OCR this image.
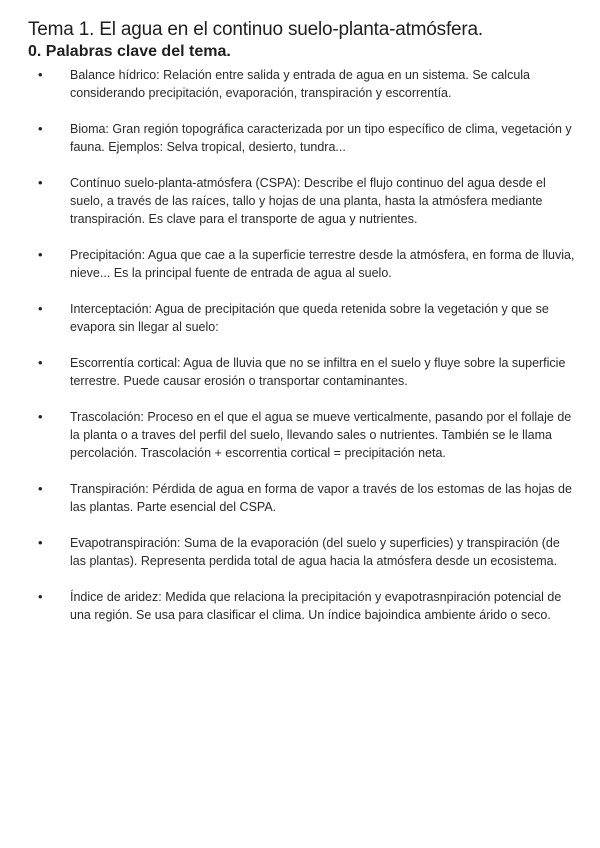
Tema 1. El agua en el continuo suelo-planta-atmósfera.
0. Palabras clave del tema.
• Balance hídrico: Relación entre salida y entrada de agua en un sistema. Se calcula considerando precipitación, evaporación, transpiración y escorrentía.
• Bioma: Gran región topográfica caracterizada por un tipo específico de clima, vegetación y fauna. Ejemplos: Selva tropical, desierto, tundra...
• Contínuo suelo-planta-atmósfera (CSPA): Describe el flujo continuo del agua desde el suelo, a través de las raíces, tallo y hojas de una planta, hasta la atmósfera mediante transpiración. Es clave para el transporte de agua y nutrientes.
• Precipitación: Agua que cae a la superficie terrestre desde la atmósfera, en forma de lluvia, nieve... Es la principal fuente de entrada de agua al suelo.
• Interceptación: Agua de precipitación que queda retenida sobre la vegetación y que se evapora sin llegar al suelo:
• Escorrentía cortical: Agua de lluvia que no se infiltra en el suelo y fluye sobre la superficie terrestre. Puede causar erosión o transportar contaminantes.
• Trascolación: Proceso en el que el agua se mueve verticalmente, pasando por el follaje de la planta o a traves del perfil del suelo, llevando sales o nutrientes. También se le llama percolación. Trascolación + escorrentia cortical = precipitación neta.
• Transpiración: Pérdida de agua en forma de vapor a través de los estomas de las hojas de las plantas. Parte esencial del CSPA.
• Evapotranspiración: Suma de la evaporación (del suelo y superficies) y transpiración (de las plantas). Representa perdida total de agua hacia la atmósfera desde un ecosistema.
• Índice de aridez: Medida que relaciona la precipitación y evapotrasnpiración potencial de una región. Se usa para clasificar el clima. Un índice bajoindica ambiente árido o seco.
